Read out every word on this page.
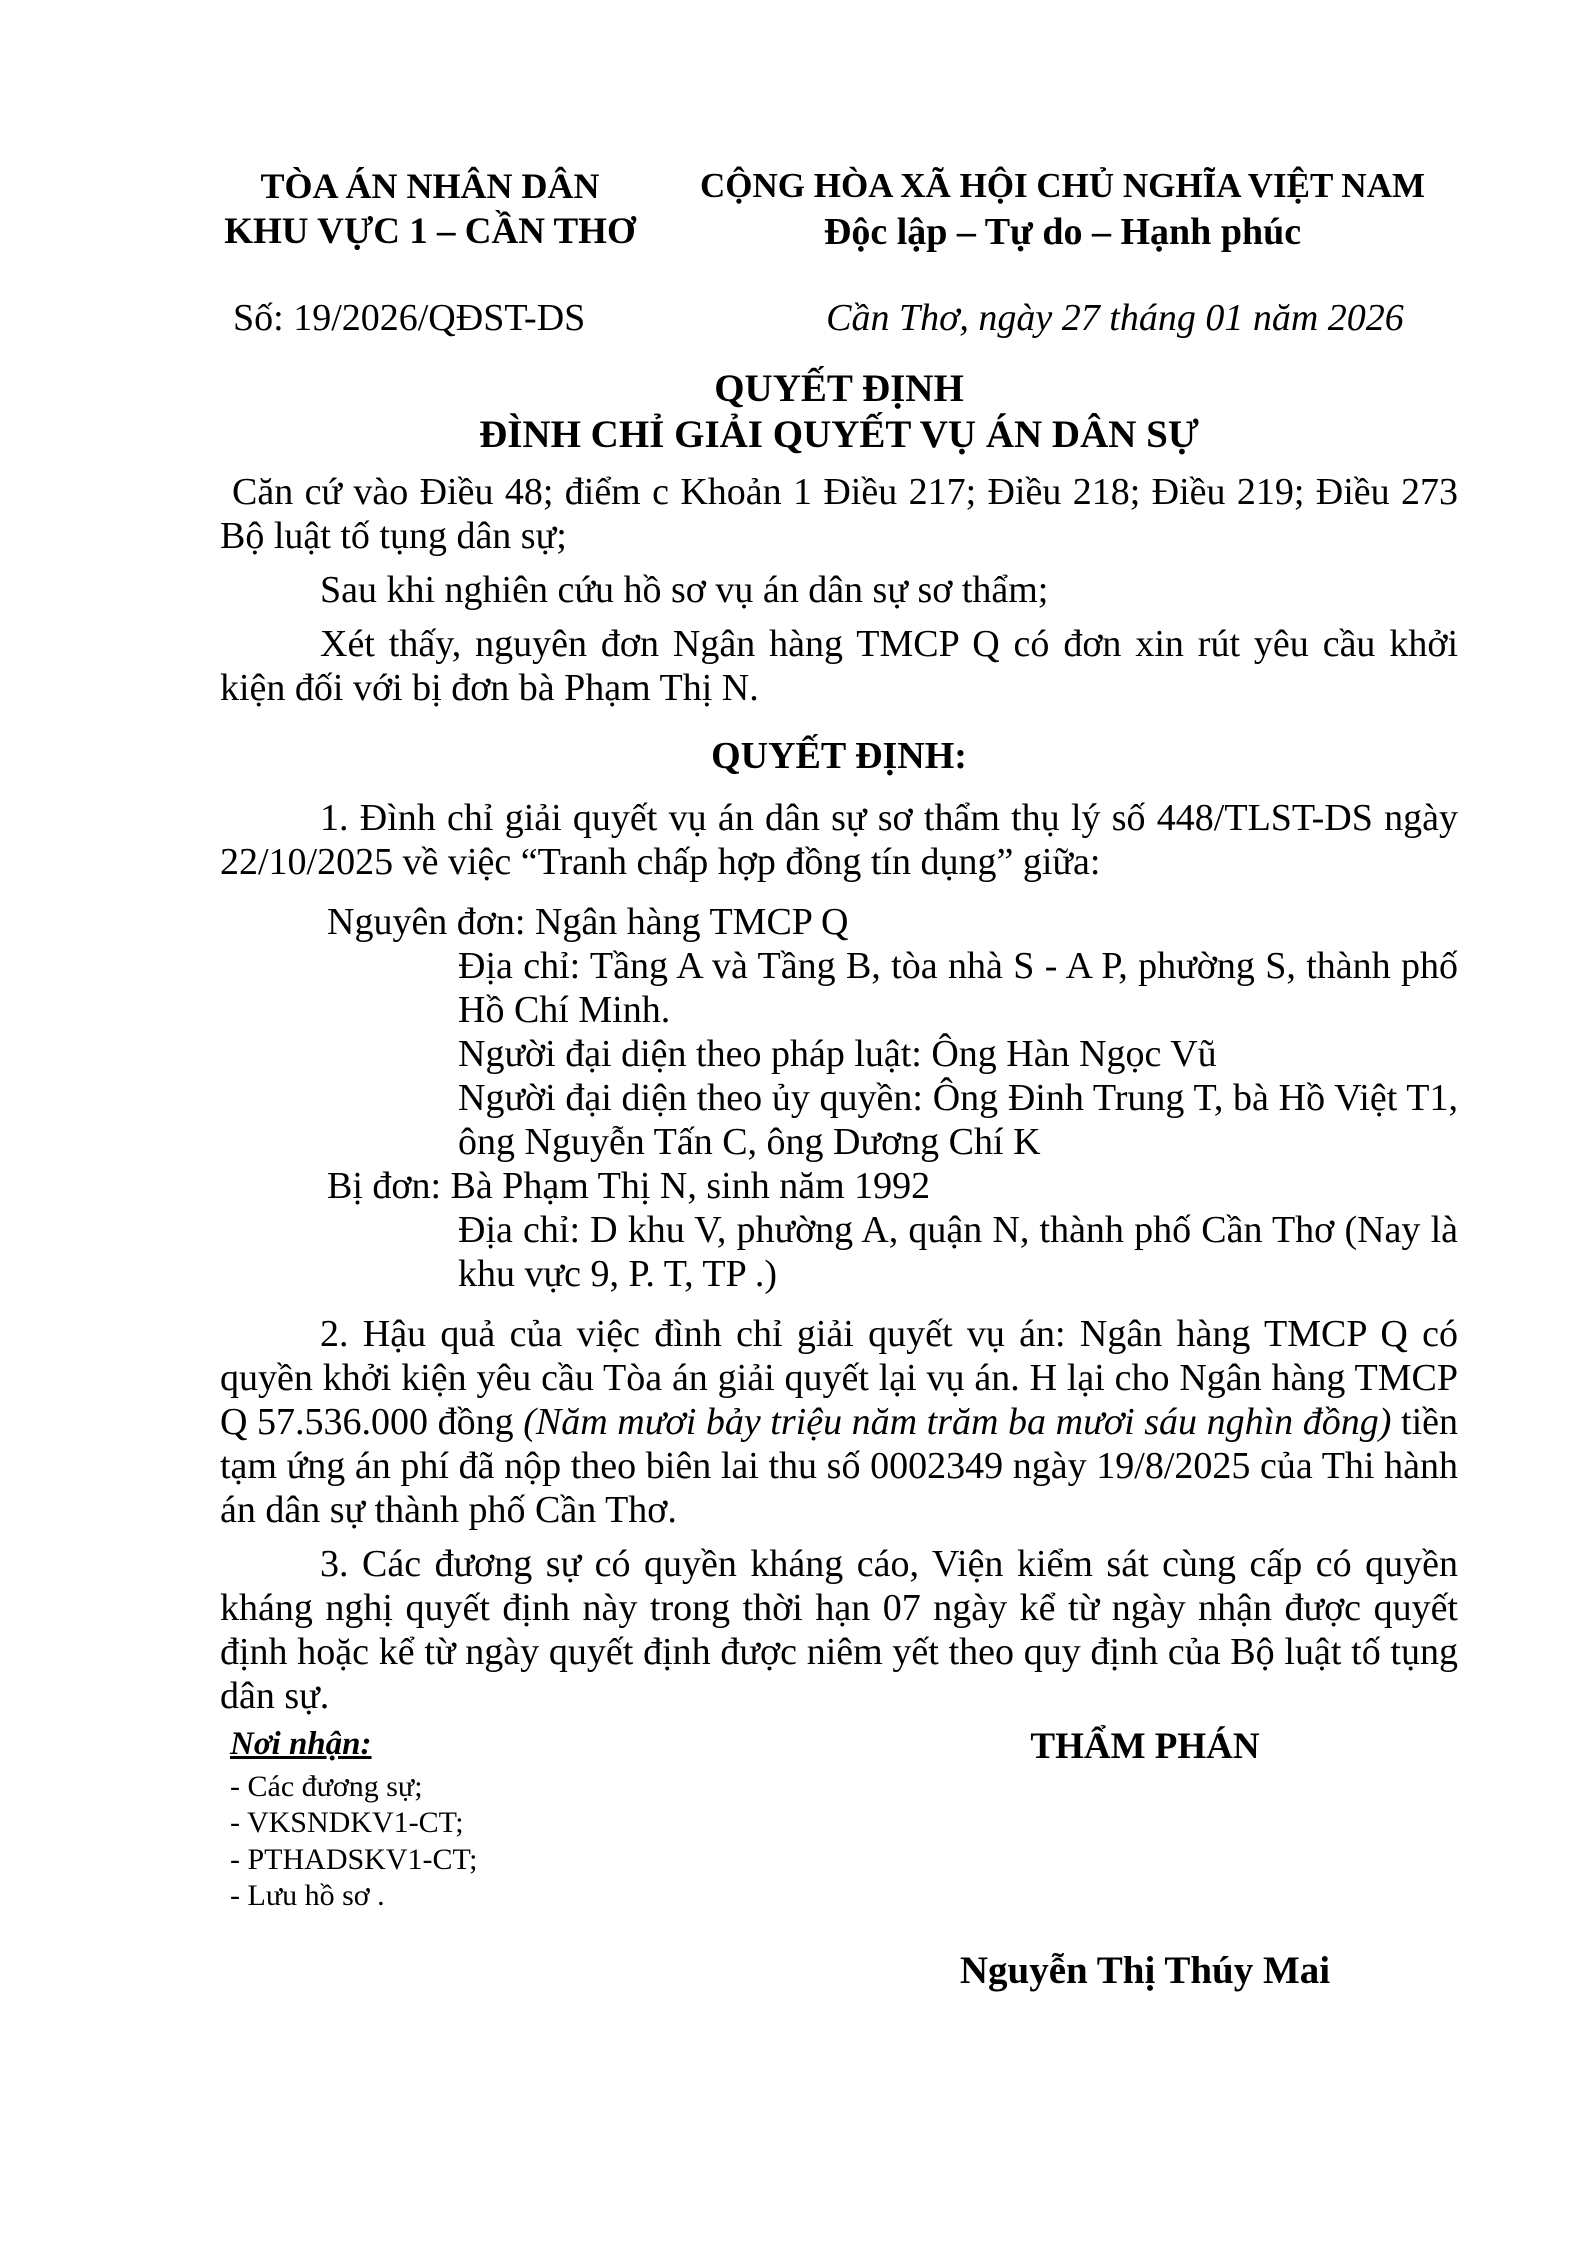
TÒA ÁN NHÂN DÂN
KHU VỰC 1 – CẦN THƠ
CỘNG HÒA XÃ HỘI CHỦ NGHĨA VIỆT NAM
Độc lập – Tự do – Hạnh phúc
Số: 19/2026/QĐST-DS	Cần Thơ, ngày 27 tháng 01 năm 2026
QUYẾT ĐỊNH
ĐÌNH CHỈ GIẢI QUYẾT VỤ ÁN DÂN SỰ

Căn cứ vào Điều 48; điểm c Khoản 1 Điều 217; Điều 218; Điều 219; Điều 273 Bộ luật tố tụng dân sự;

Sau khi nghiên cứu hồ sơ vụ án dân sự sơ thẩm;

Xét thấy, nguyên đơn Ngân hàng TMCP Q có đơn xin rút yêu cầu khởi kiện đối với bị đơn bà Phạm Thị N.

QUYẾT ĐỊNH:

1. Đình chỉ giải quyết vụ án dân sự sơ thẩm thụ lý số 448/TLST-DS ngày 22/10/2025 về việc “Tranh chấp hợp đồng tín dụng” giữa:

Nguyên đơn: Ngân hàng TMCP Q

Địa chỉ: Tầng A và Tầng B, tòa nhà S - A P, phường S, thành phố Hồ Chí Minh.

Người đại diện theo pháp luật: Ông Hàn Ngọc Vũ

Người đại diện theo ủy quyền: Ông Đinh Trung T, bà Hồ Việt T1, ông Nguyễn Tấn C, ông Dương Chí K

Bị đơn: Bà Phạm Thị N, sinh năm 1992

Địa chỉ: D khu V, phường A, quận N, thành phố Cần Thơ (Nay là khu vực 9, P. T, TP .)

2. Hậu quả của việc đình chỉ giải quyết vụ án: Ngân hàng TMCP Q có quyền khởi kiện yêu cầu Tòa án giải quyết lại vụ án. H lại cho Ngân hàng TMCP Q 57.536.000 đồng (Năm mươi bảy triệu năm trăm ba mươi sáu nghìn đồng) tiền tạm ứng án phí đã nộp theo biên lai thu số 0002349 ngày 19/8/2025 của Thi hành án dân sự thành phố Cần Thơ.

3. Các đương sự có quyền kháng cáo, Viện kiểm sát cùng cấp có quyền kháng nghị quyết định này trong thời hạn 07 ngày kể từ ngày nhận được quyết định hoặc kể từ ngày quyết định được niêm yết theo quy định của Bộ luật tố tụng dân sự.

Nơi nhận:
- Các đương sự;
- VKSNDKV1-CT;
- PTHADSKV1-CT;
- Lưu hồ sơ .
THẨM PHÁN
Nguyễn Thị Thúy Mai
